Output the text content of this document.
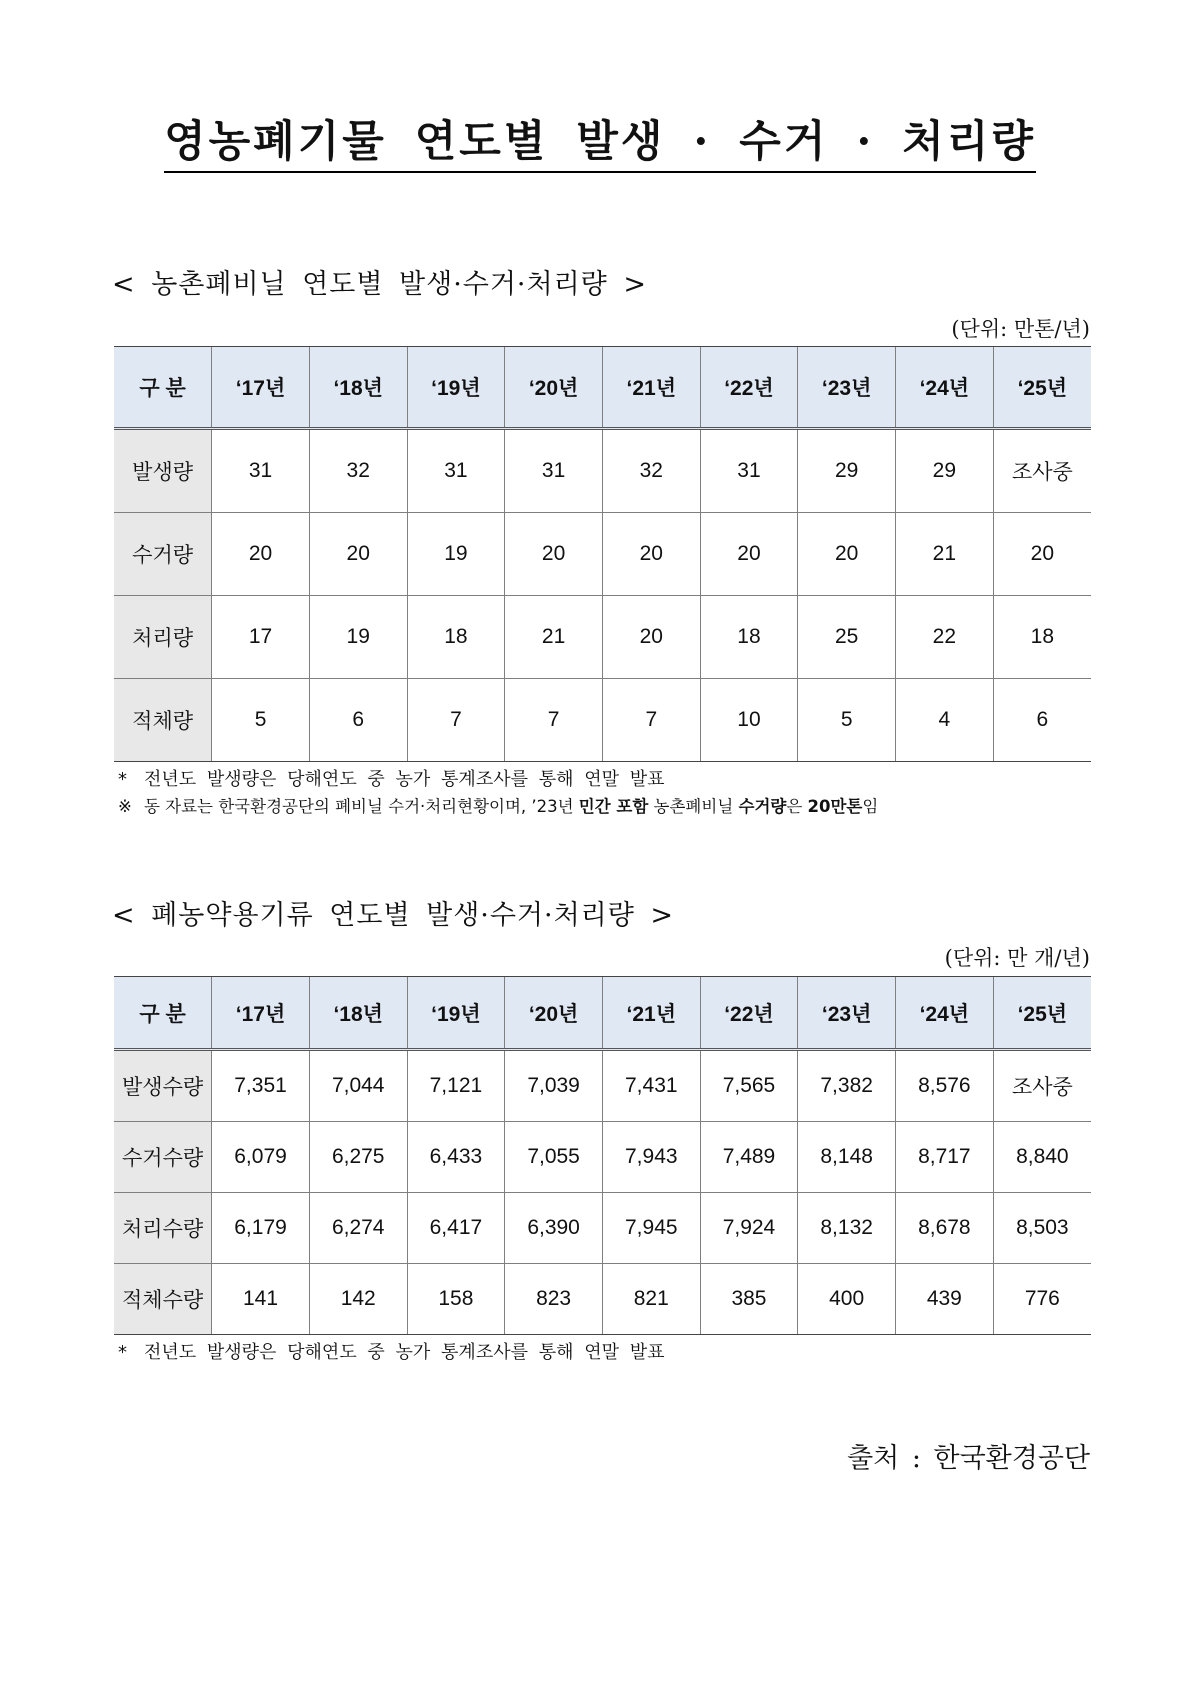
영농폐기물 연도별 발생 · 수거 · 처리량
< 농촌폐비닐 연도별 발생·수거·처리량 >
(단위: 만톤/년)
구 분	‘17년	‘18년	‘19년	‘20년	‘21년	‘22년	‘23년	‘24년	‘25년
발생량	31	32	31	31	32	31	29	29	조사중
수거량	20	20	19	20	20	20	20	21	20
처리량	17	19	18	21	20	18	25	22	18
적체량	5	6	7	7	7	10	5	4	6
* 전년도 발생량은 당해연도 중 농가 통계조사를 통해 연말 발표
※ 동 자료는 한국환경공단의 폐비닐 수거·처리현황이며, ’23년 민간 포함 농촌폐비닐 수거량은 20만톤임
< 폐농약용기류 연도별 발생·수거·처리량 >
(단위: 만 개/년)
구 분	‘17년	‘18년	‘19년	‘20년	‘21년	‘22년	‘23년	‘24년	‘25년
발생수량	7,351	7,044	7,121	7,039	7,431	7,565	7,382	8,576	조사중
수거수량	6,079	6,275	6,433	7,055	7,943	7,489	8,148	8,717	8,840
처리수량	6,179	6,274	6,417	6,390	7,945	7,924	8,132	8,678	8,503
적체수량	141	142	158	823	821	385	400	439	776
* 전년도 발생량은 당해연도 중 농가 통계조사를 통해 연말 발표
출처 : 한국환경공단
